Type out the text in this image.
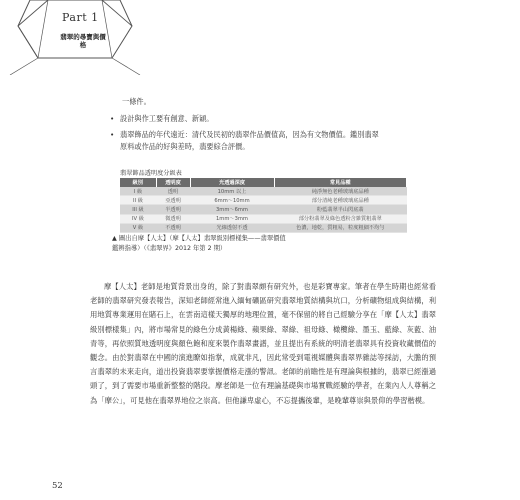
Part 1
翡翠的尋寶與價格
一條件。
• 設計與作工要有創意、新穎。
• 翡翠飾品的年代遠近：清代及民初的翡翠作品價值高，因為有文物價值。鑑別翡翠
原料或作品的好與差時，翡要綜合評價。
翡翠飾品透明度分級表
級別	透明度	光透過深度	常見品種
I 級	透明	10mm 以上	純淨無色老種玻璃底品種
II 級	亞透明	6mm〜10mm	部分清純老種玻璃底品種
III 級	半透明	3mm〜6mm	粉藍翡翠半山閃底翡
IV 級	微透明	1mm〜3mm	部分粉翡翠及綠色透粉含雜質粗翡翠
V 級	不透明	光線透射不透	色濃，地乾，質粗易，粒度粗細不均勻
▲ 圖出自摩【人太】（摩【人太】翡翠級別標樣集——翡翠價值
鑑辨指導）（《翡翠界》2012 年第 2 期）
摩【人太】老師是地質背景出身的，除了對翡翠頗有研究外，也是彩寶專家。筆者在學生時期也經常看老師的翡翠研究發表報告，深知老師經常進入緬甸礦區研究翡翠地質結構與坑口，分析礦物組成與結構，利用地質專業運用在賭石上，在雲南這樣天獨厚的地理位置，毫不保留的將自己經驗分享在「摩【人太】翡翠級別標樣集」內，將市場常見的綠色分成黃楊綠、蘋果綠、翠綠、祖母綠、橄欖綠、墨玉、藍綠、灰藍、油青等，再依照質地透明度與顏色飽和度來製作翡翠畫譜，並且提出有系統的明清老翡翠具有投資收藏價值的觀念。由於對翡翠在中國的演進瞭如指掌，成就非凡，因此常受到電視媒體與翡翠界雜誌等採訪，大膽的預言翡翠的未來走向，道出投資翡翠要掌握價格走漲的警訊。老師的前瞻性是有理論與根據的，翡翠已經漲過頭了，到了需要市場重新整整的階段。摩老師是一位有理論基礎與市場實戰經驗的學者，在業內人人尊稱之為「摩公」，可見他在翡翠界地位之崇高。但他謙卑虛心，不忘提攜後輩，是晚輩尊崇與景仰的學習楷模。
52
